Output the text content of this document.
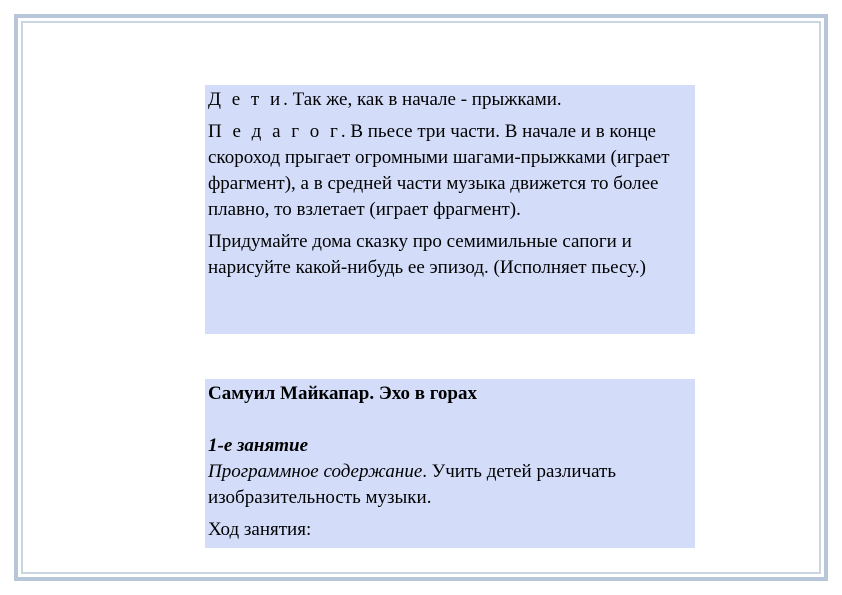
Д е т и. Так же, как в начале - прыжками.

П е д а г о г. В пьесе три части. В начале и в конце скороход прыгает огромными шагами-прыжками (играет фрагмент), а в средней части музыка движется то более плавно, то взлетает (играет фрагмент).

Придумайте дома сказку про семимильные сапоги и нарисуйте какой-нибудь ее эпизод. (Исполняет пьесу.)

Самуил Майкапар. Эхо в горах

1-е занятие

Программное содержание. Учить детей различать изобразительность музыки.

Ход занятия:
